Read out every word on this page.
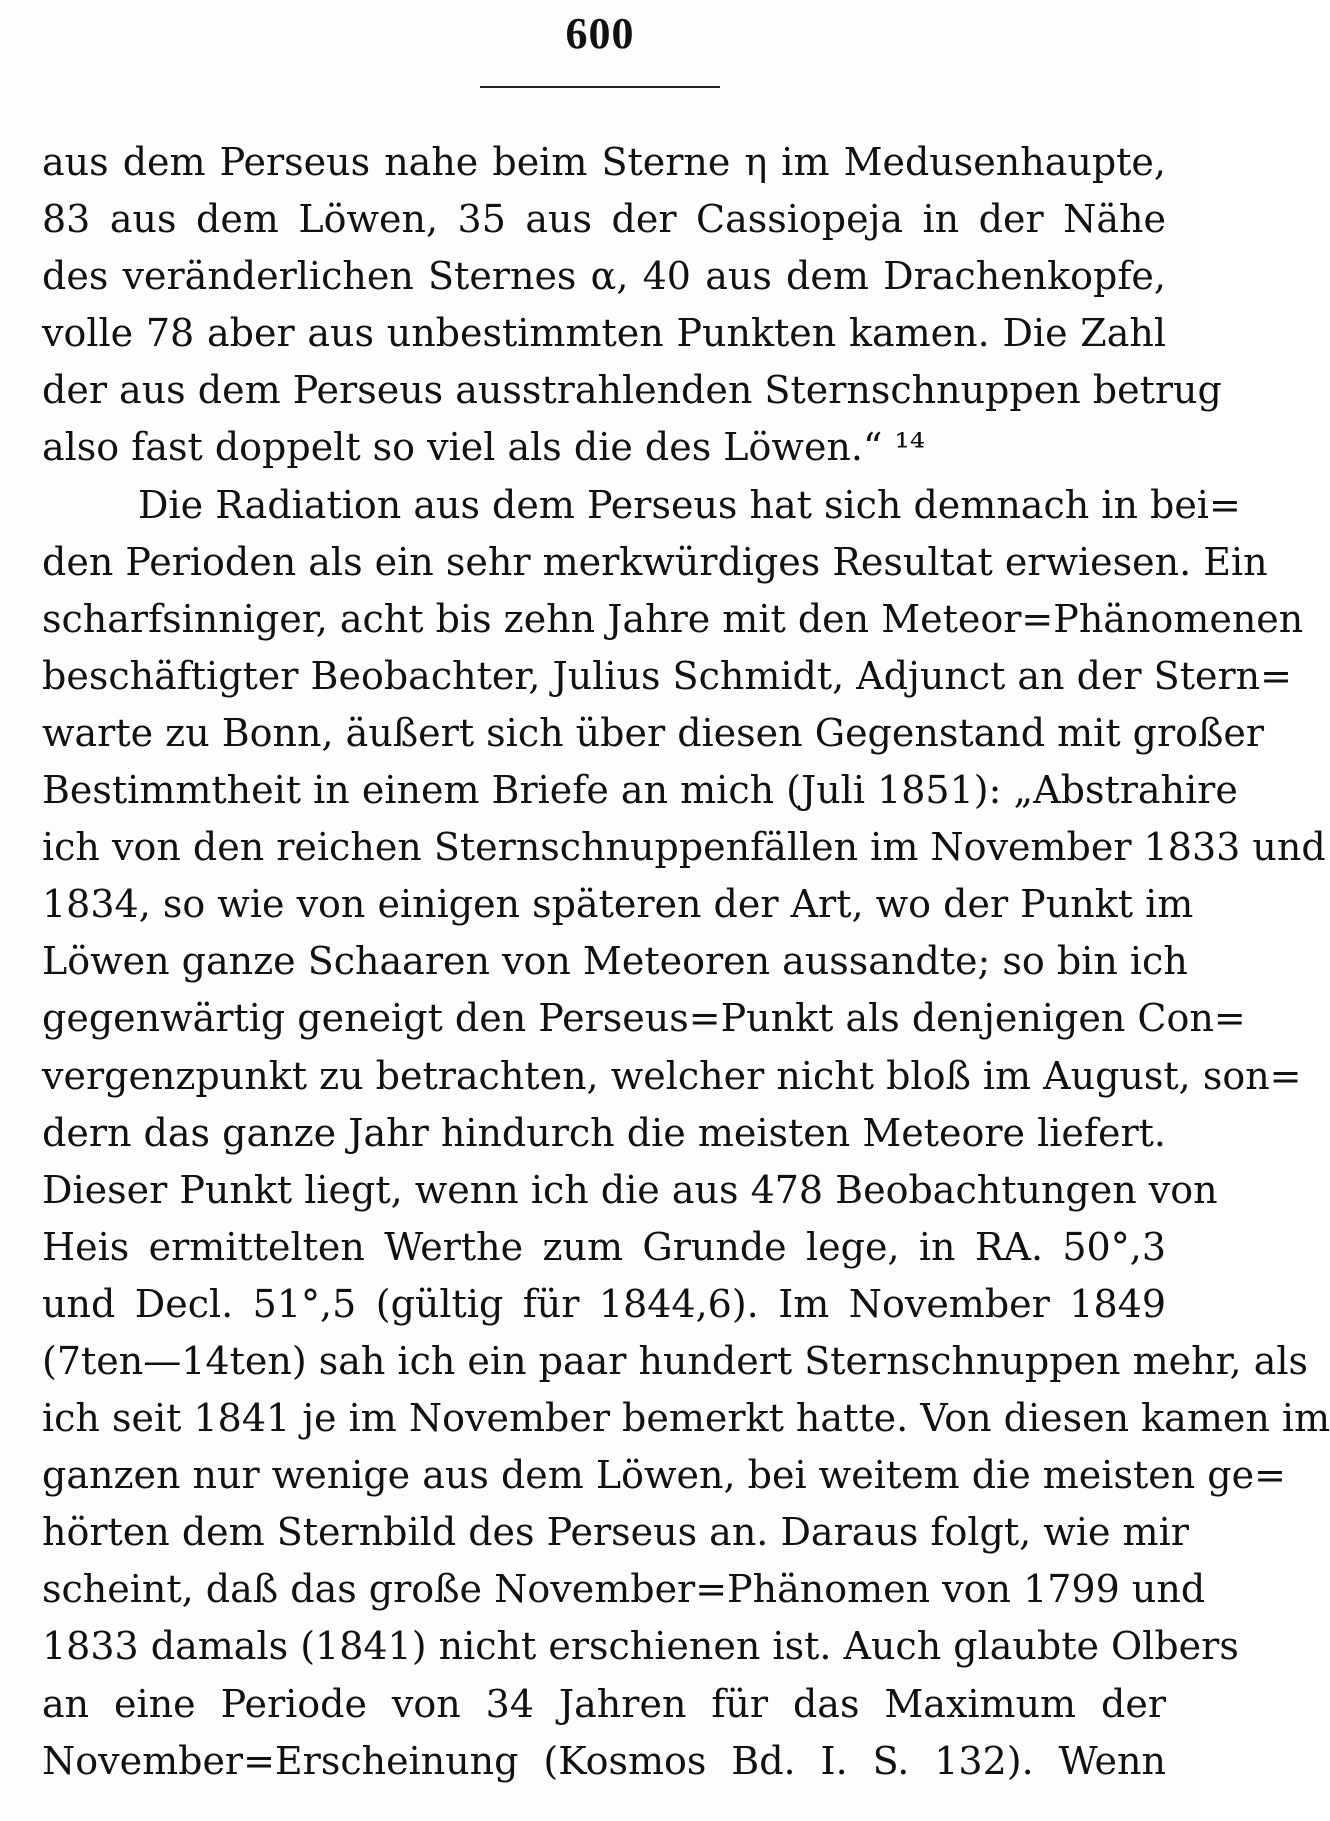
600
aus dem Perseus nahe beim Sterne η im Medusenhaupte,
83 aus dem Löwen, 35 aus der Cassiopeja in der Nähe
des veränderlichen Sternes α, 40 aus dem Drachenkopfe,
volle 78 aber aus unbestimmten Punkten kamen. Die Zahl
der aus dem Perseus ausstrahlenden Sternschnuppen betrug
also fast doppelt so viel als die des Löwen.“ ¹⁴
Die Radiation aus dem Perseus hat sich demnach in bei=
den Perioden als ein sehr merkwürdiges Resultat erwiesen. Ein
scharfsinniger, acht bis zehn Jahre mit den Meteor=Phänomenen
beschäftigter Beobachter, Julius Schmidt, Adjunct an der Stern=
warte zu Bonn, äußert sich über diesen Gegenstand mit großer
Bestimmtheit in einem Briefe an mich (Juli 1851): „Abstrahire
ich von den reichen Sternschnuppenfällen im November 1833 und
1834, so wie von einigen späteren der Art, wo der Punkt im
Löwen ganze Schaaren von Meteoren aussandte; so bin ich
gegenwärtig geneigt den Perseus=Punkt als denjenigen Con=
vergenzpunkt zu betrachten, welcher nicht bloß im August, son=
dern das ganze Jahr hindurch die meisten Meteore liefert.
Dieser Punkt liegt, wenn ich die aus 478 Beobachtungen von
Heis ermittelten Werthe zum Grunde lege, in RA. 50°,3
und Decl. 51°,5 (gültig für 1844,6). Im November 1849
(7ten—14ten) sah ich ein paar hundert Sternschnuppen mehr, als
ich seit 1841 je im November bemerkt hatte. Von diesen kamen im
ganzen nur wenige aus dem Löwen, bei weitem die meisten ge=
hörten dem Sternbild des Perseus an. Daraus folgt, wie mir
scheint, daß das große November=Phänomen von 1799 und
1833 damals (1841) nicht erschienen ist. Auch glaubte Olbers
an eine Periode von 34 Jahren für das Maximum der
November=Erscheinung (Kosmos Bd. I. S. 132). Wenn
